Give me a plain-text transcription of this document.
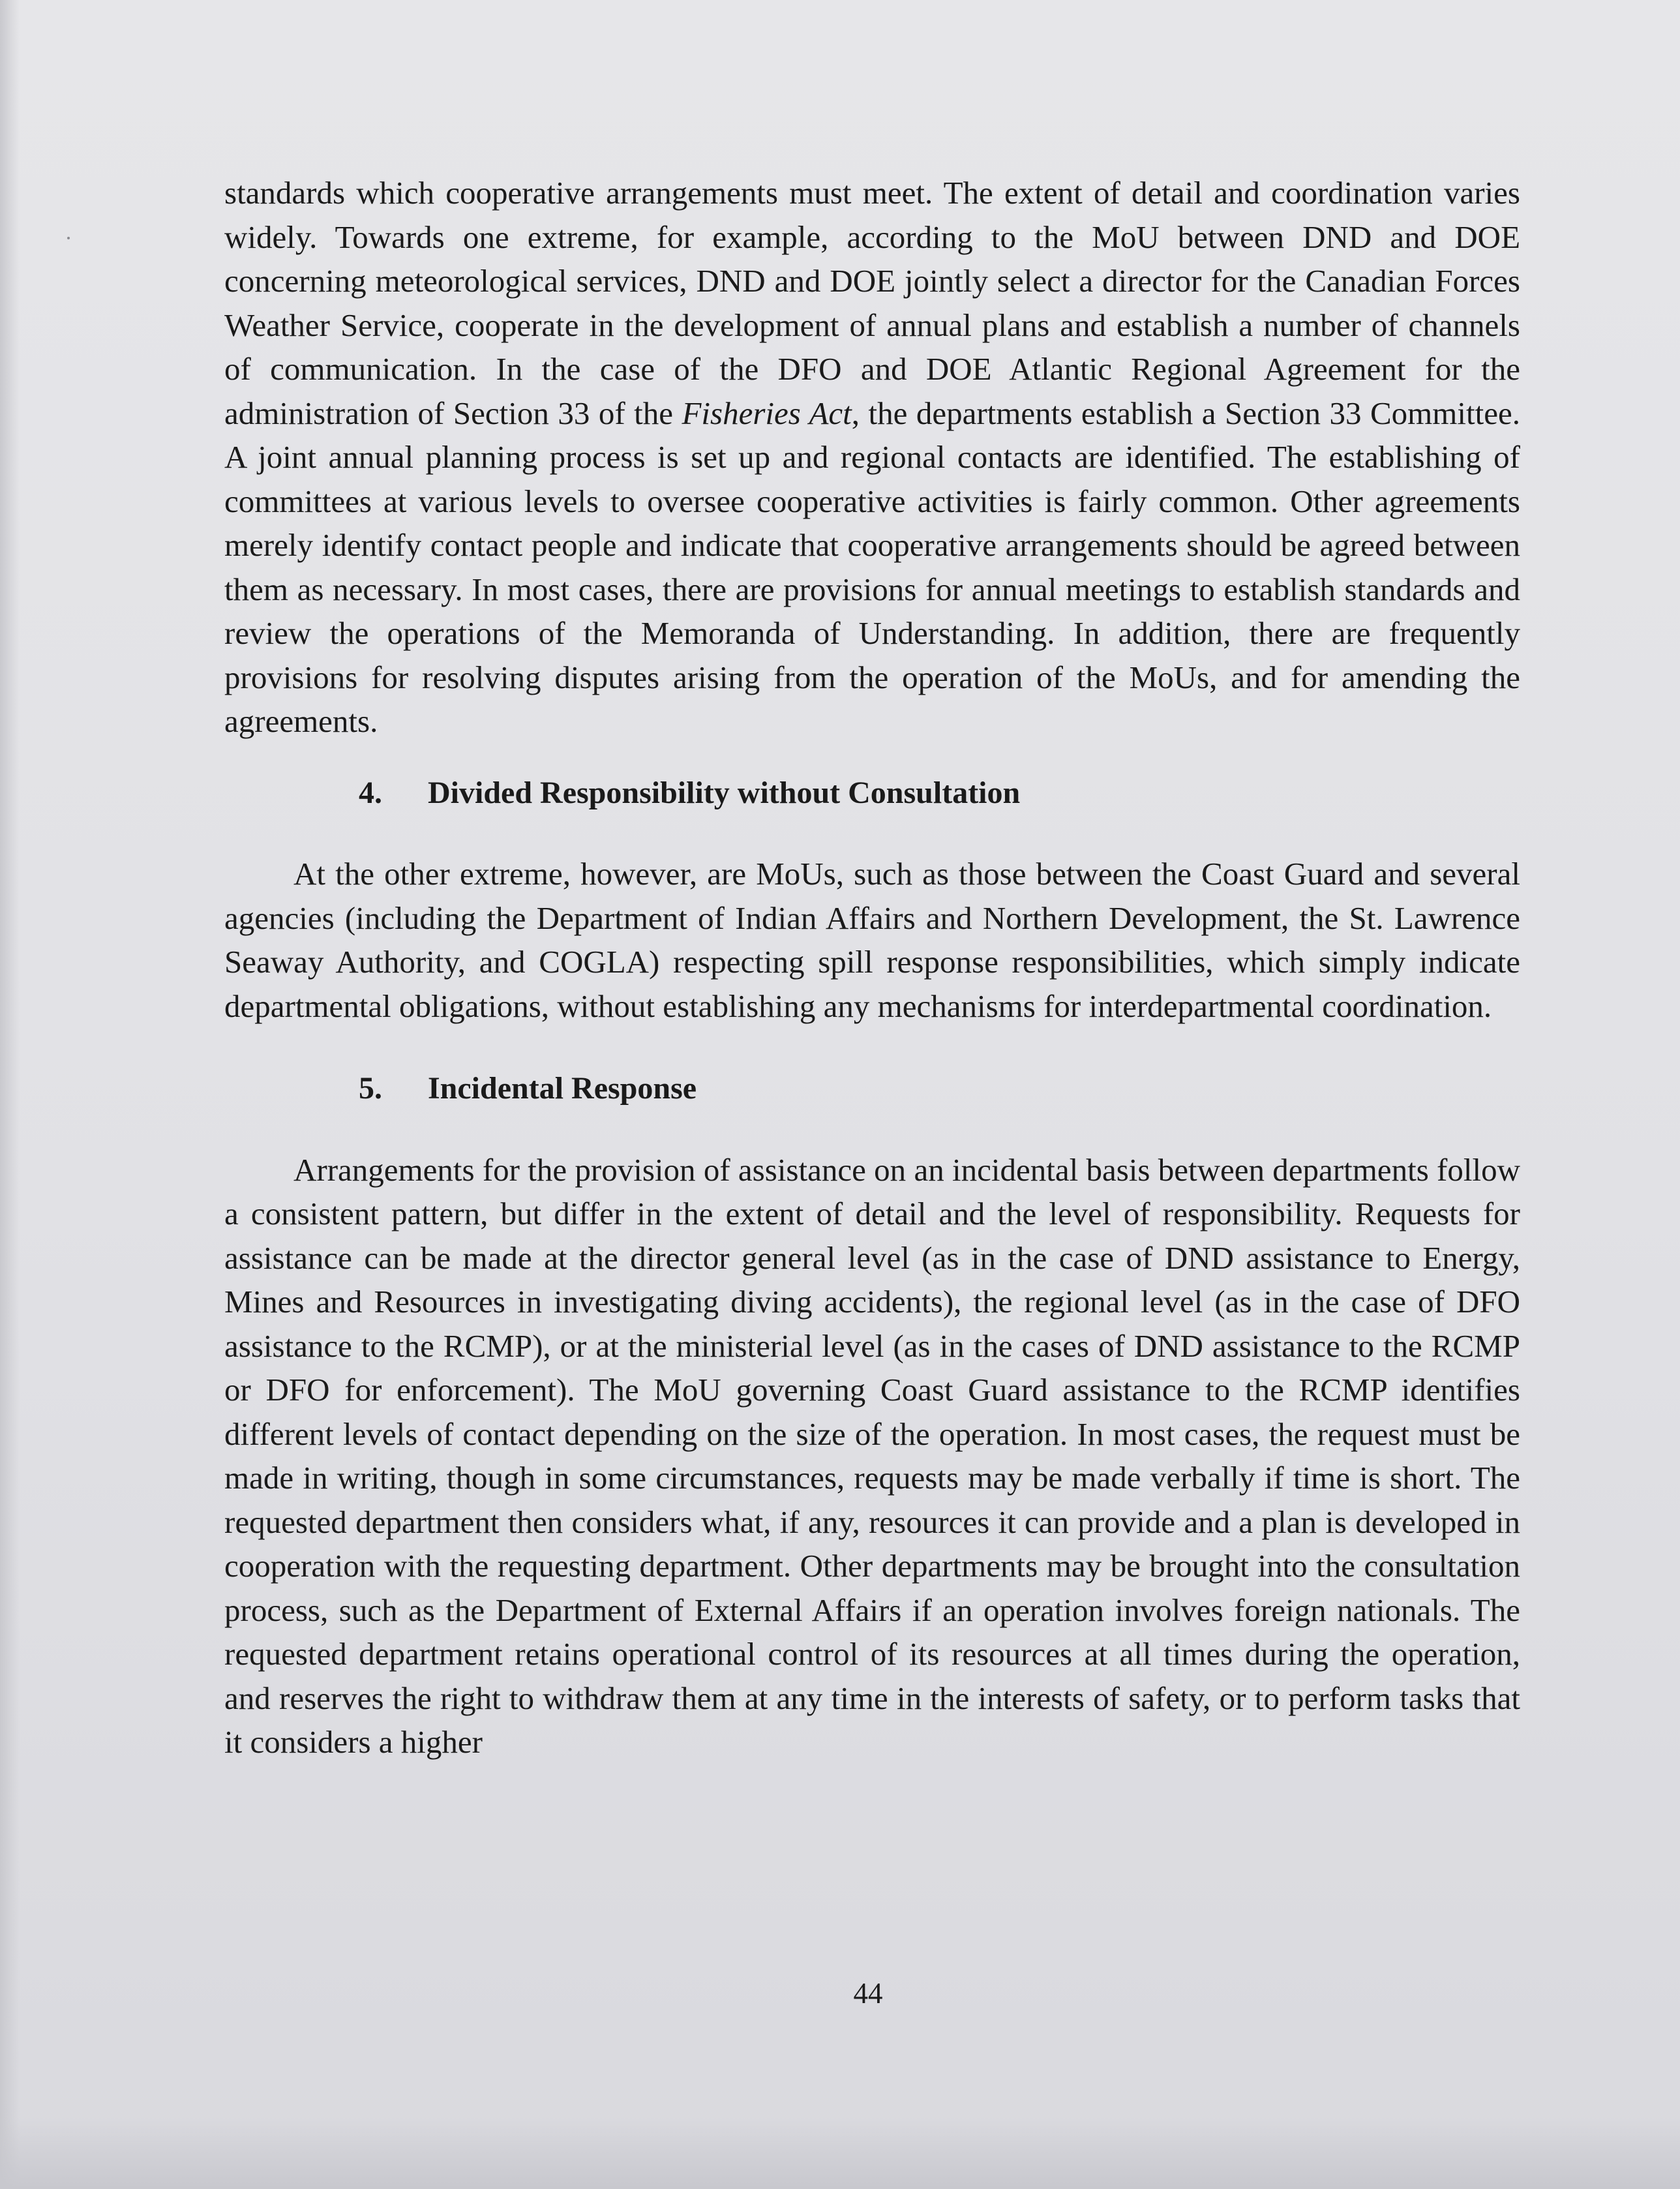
standards which cooperative arrangements must meet. The extent of detail and coordination varies widely. Towards one extreme, for example, according to the MoU between DND and DOE concerning meteorological services, DND and DOE jointly select a director for the Canadian Forces Weather Service, cooperate in the development of annual plans and establish a number of channels of communication. In the case of the DFO and DOE Atlantic Regional Agreement for the administration of Section 33 of the Fisheries Act, the departments establish a Section 33 Committee. A joint annual planning process is set up and regional contacts are identified. The establishing of committees at various levels to oversee cooperative activities is fairly common. Other agreements merely identify contact people and indicate that cooperative arrangements should be agreed between them as necessary. In most cases, there are provisions for annual meetings to establish standards and review the operations of the Memoranda of Understanding. In addition, there are frequently provisions for resolving disputes arising from the operation of the MoUs, and for amending the agreements.

4. Divided Responsibility without Consultation

At the other extreme, however, are MoUs, such as those between the Coast Guard and several agencies (including the Department of Indian Affairs and Northern Development, the St. Lawrence Seaway Authority, and COGLA) respecting spill response responsibilities, which simply indicate departmental obligations, without establishing any mechanisms for interdepartmental coordination.

5. Incidental Response

Arrangements for the provision of assistance on an incidental basis between departments follow a consistent pattern, but differ in the extent of detail and the level of responsibility. Requests for assistance can be made at the director general level (as in the case of DND assistance to Energy, Mines and Resources in investigating diving accidents), the regional level (as in the case of DFO assistance to the RCMP), or at the ministerial level (as in the cases of DND assistance to the RCMP or DFO for enforcement). The MoU governing Coast Guard assistance to the RCMP identifies different levels of contact depending on the size of the operation. In most cases, the request must be made in writing, though in some circumstances, requests may be made verbally if time is short. The requested department then considers what, if any, resources it can provide and a plan is developed in cooperation with the requesting department. Other departments may be brought into the consultation process, such as the Department of External Affairs if an operation involves foreign nationals. The requested department retains operational control of its resources at all times during the operation, and reserves the right to withdraw them at any time in the interests of safety, or to perform tasks that it considers a higher

44
